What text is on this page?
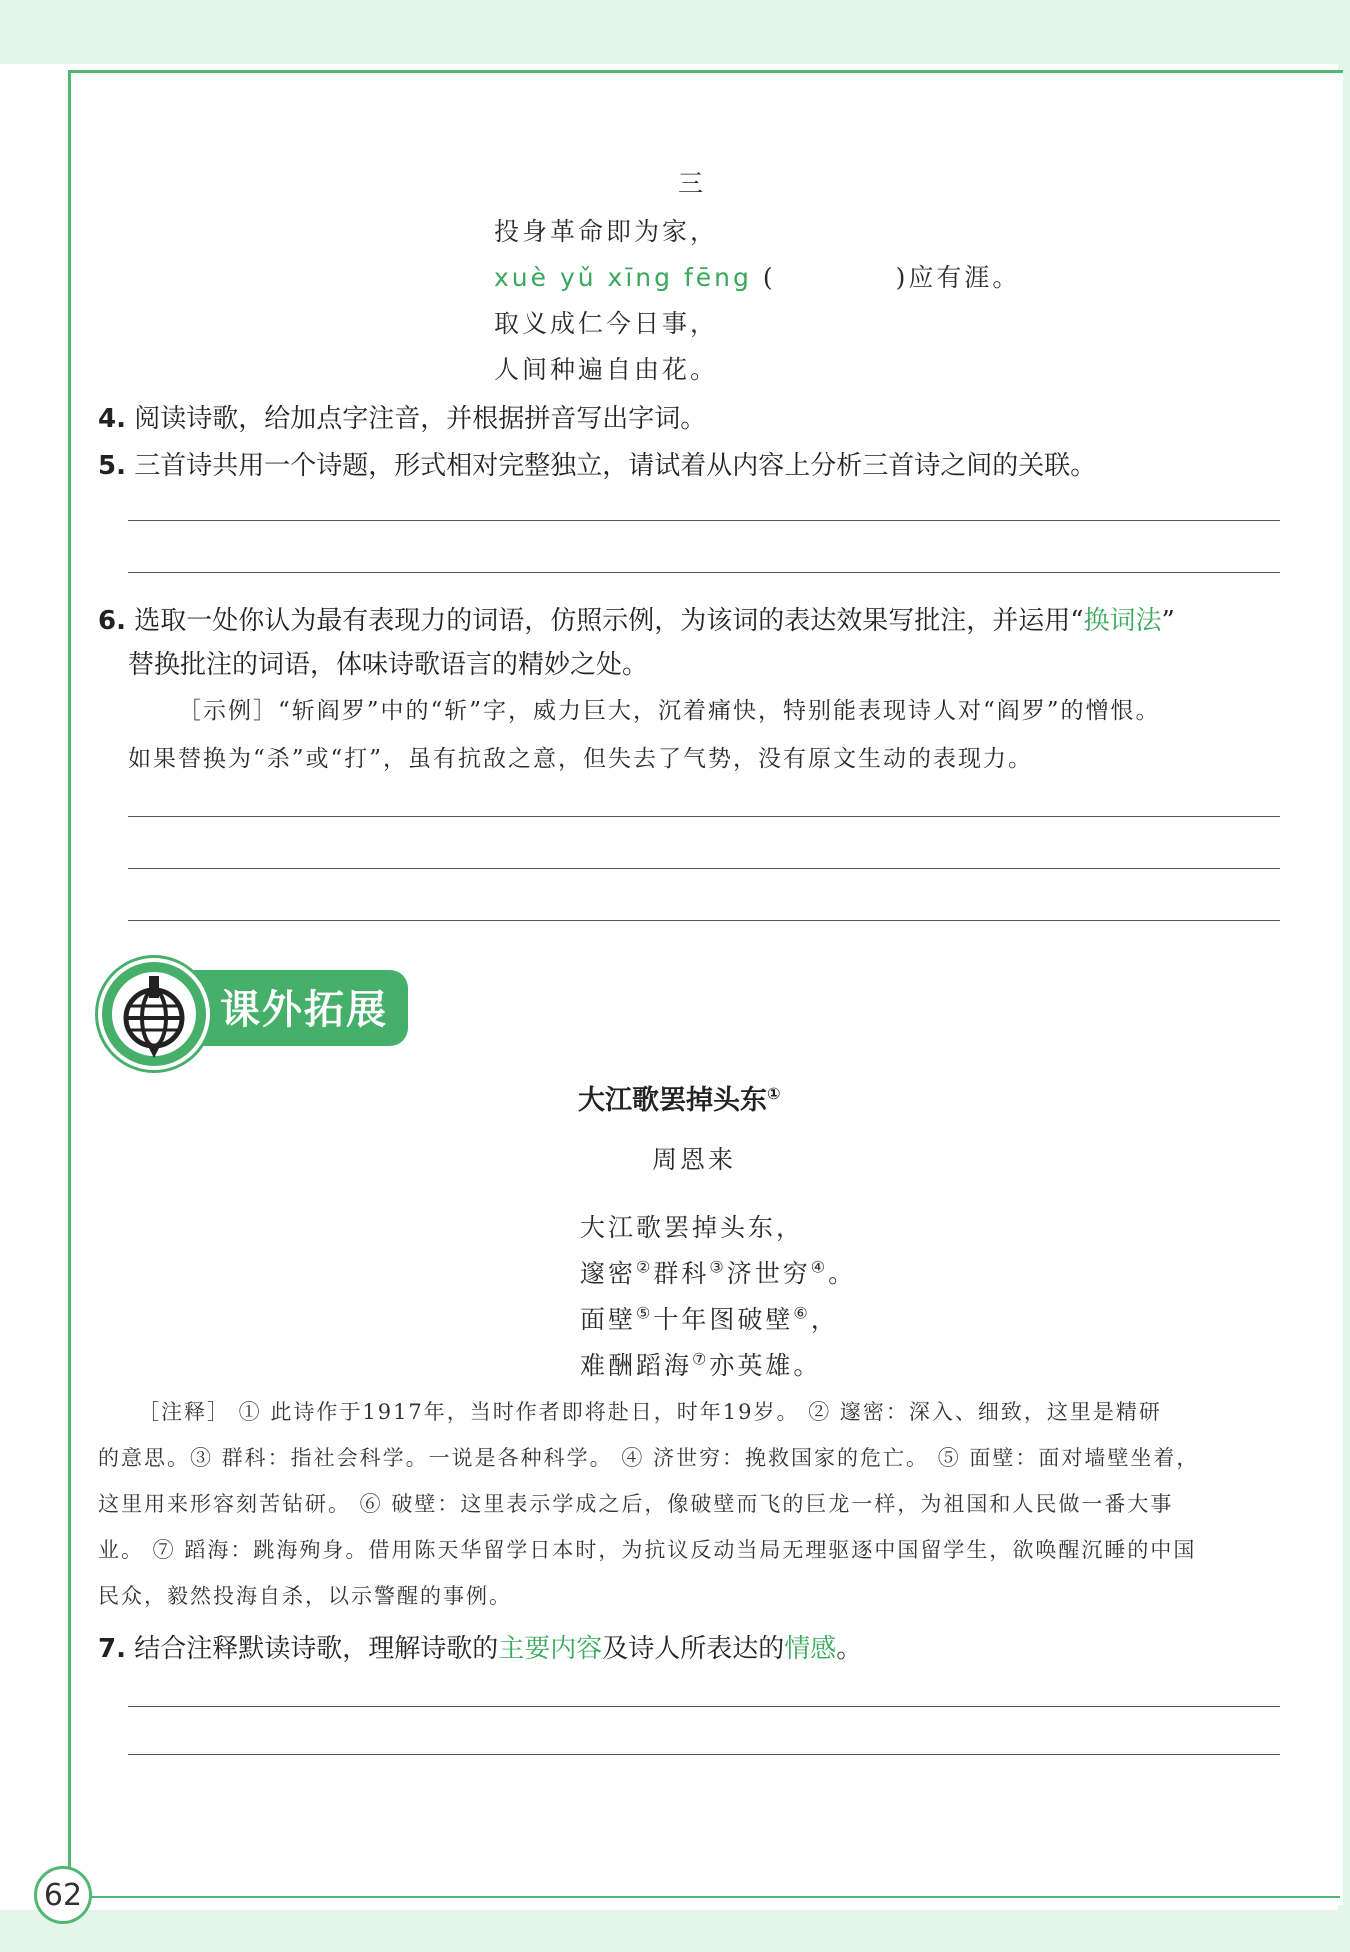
三
投身革命即为家，
xuè yǔ xīng fēng (	)应有涯。
取义成仁今日事，
人间种遍自由花。
4. 阅读诗歌，给加点字注音，并根据拼音写出字词。
5. 三首诗共用一个诗题，形式相对完整独立，请试着从内容上分析三首诗之间的关联。
6. 选取一处你认为最有表现力的词语，仿照示例，为该词的表达效果写批注，并运用“换词法”
替换批注的词语，体味诗歌语言的精妙之处。
［示例］“斩阎罗”中的“斩”字，威力巨大，沉着痛快，特别能表现诗人对“阎罗”的憎恨。
如果替换为“杀”或“打”，虽有抗敌之意，但失去了气势，没有原文生动的表现力。
课外拓展
大江歌罢掉头东①
周恩来
大江歌罢掉头东，
邃密②群科③济世穷④。
面壁⑤十年图破壁⑥，
难酬蹈海⑦亦英雄。
［注释］ ① 此诗作于1917年，当时作者即将赴日，时年19岁。 ② 邃密：深入、细致，这里是精研
的意思。③ 群科：指社会科学。一说是各种科学。 ④ 济世穷：挽救国家的危亡。 ⑤ 面壁：面对墙壁坐着，
这里用来形容刻苦钻研。 ⑥ 破壁：这里表示学成之后，像破壁而飞的巨龙一样，为祖国和人民做一番大事
业。 ⑦ 蹈海：跳海殉身。借用陈天华留学日本时，为抗议反动当局无理驱逐中国留学生，欲唤醒沉睡的中国
民众，毅然投海自杀，以示警醒的事例。
7. 结合注释默读诗歌，理解诗歌的主要内容及诗人所表达的情感。
62
